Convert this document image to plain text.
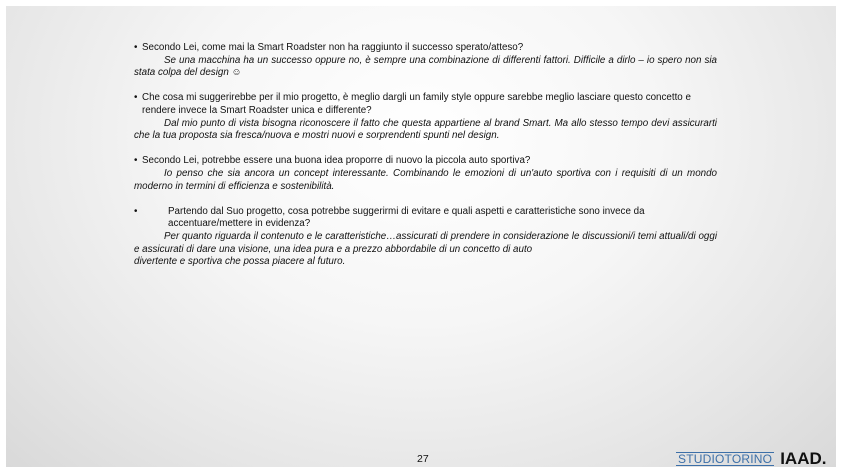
• Secondo Lei, come mai la Smart Roadster non ha raggiunto il successo sperato/atteso?
Se una macchina ha un successo oppure no, è sempre una combinazione di differenti fattori. Difficile a dirlo – io spero non sia stata colpa del design ☺
• Che cosa mi suggerirebbe per il mio progetto, è meglio dargli un family style oppure sarebbe meglio lasciare questo concetto e rendere invece la Smart Roadster unica e differente?
Dal mio punto di vista bisogna riconoscere il fatto che questa appartiene al brand Smart. Ma allo stesso tempo devi assicurarti che la tua proposta sia fresca/nuova e mostri nuovi e sorprendenti spunti nel design.
• Secondo Lei, potrebbe essere una buona idea proporre di nuovo la piccola auto sportiva?
Io penso che sia ancora un concept interessante. Combinando le emozioni di un'auto sportiva con i requisiti di un mondo moderno in termini di efficienza e sostenibilità.
•	Partendo dal Suo progetto, cosa potrebbe suggerirmi di evitare e quali aspetti e caratteristiche sono invece da accentuare/mettere in evidenza?
Per quanto riguarda il contenuto e le caratteristiche…assicurati di prendere in considerazione le discussioni/i temi attuali/di oggi e assicurati di dare una visione, una idea pura e a prezzo abbordabile di un concetto di auto
divertente e sportiva che possa piacere al futuro.
27	STUDIOTORINO IAAD.
